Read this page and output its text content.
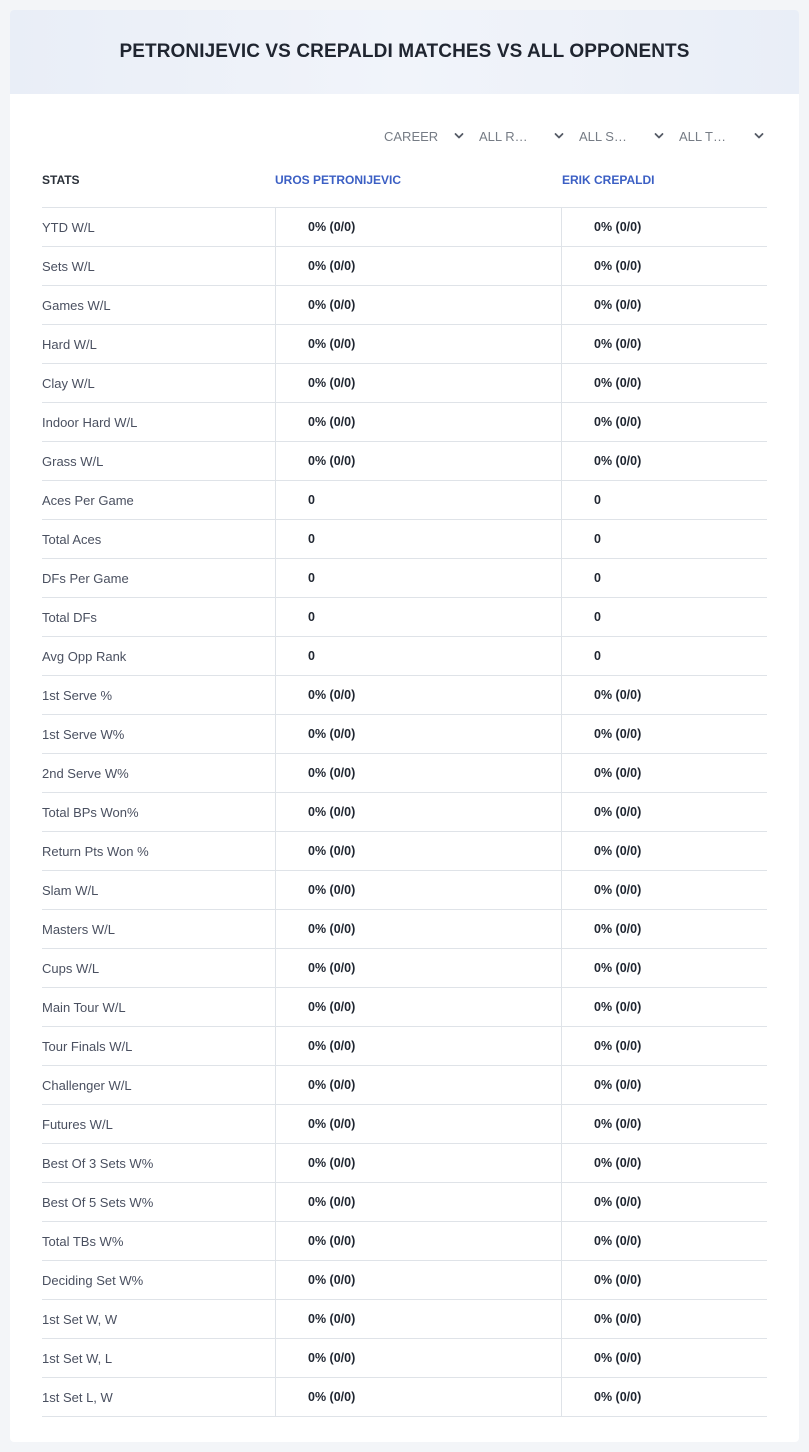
PETRONIJEVIC VS CREPALDI MATCHES VS ALL OPPONENTS
CAREER	ALL R…	ALL S…	ALL T…
STATS	UROS PETRONIJEVIC	ERIK CREPALDI
YTD W/L	0% (0/0)	0% (0/0)
Sets W/L	0% (0/0)	0% (0/0)
Games W/L	0% (0/0)	0% (0/0)
Hard W/L	0% (0/0)	0% (0/0)
Clay W/L	0% (0/0)	0% (0/0)
Indoor Hard W/L	0% (0/0)	0% (0/0)
Grass W/L	0% (0/0)	0% (0/0)
Aces Per Game	0	0
Total Aces	0	0
DFs Per Game	0	0
Total DFs	0	0
Avg Opp Rank	0	0
1st Serve %	0% (0/0)	0% (0/0)
1st Serve W%	0% (0/0)	0% (0/0)
2nd Serve W%	0% (0/0)	0% (0/0)
Total BPs Won%	0% (0/0)	0% (0/0)
Return Pts Won %	0% (0/0)	0% (0/0)
Slam W/L	0% (0/0)	0% (0/0)
Masters W/L	0% (0/0)	0% (0/0)
Cups W/L	0% (0/0)	0% (0/0)
Main Tour W/L	0% (0/0)	0% (0/0)
Tour Finals W/L	0% (0/0)	0% (0/0)
Challenger W/L	0% (0/0)	0% (0/0)
Futures W/L	0% (0/0)	0% (0/0)
Best Of 3 Sets W%	0% (0/0)	0% (0/0)
Best Of 5 Sets W%	0% (0/0)	0% (0/0)
Total TBs W%	0% (0/0)	0% (0/0)
Deciding Set W%	0% (0/0)	0% (0/0)
1st Set W, W	0% (0/0)	0% (0/0)
1st Set W, L	0% (0/0)	0% (0/0)
1st Set L, W	0% (0/0)	0% (0/0)
